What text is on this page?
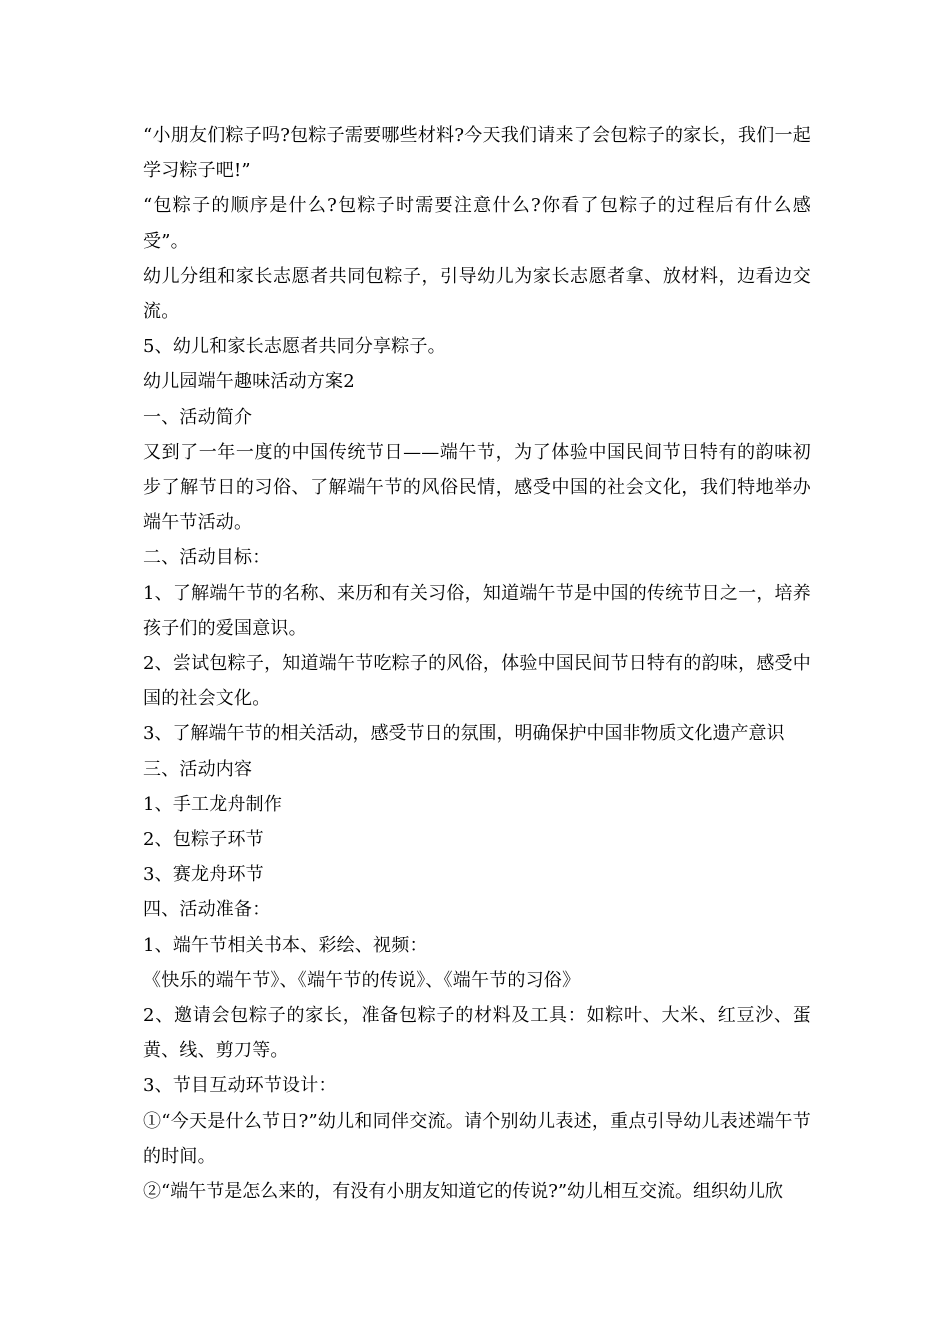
“小朋友们粽子吗?包粽子需要哪些材料?今天我们请来了会包粽子的家长，我们一起学习粽子吧!”

“包粽子的顺序是什么?包粽子时需要注意什么?你看了包粽子的过程后有什么感受”。

幼儿分组和家长志愿者共同包粽子，引导幼儿为家长志愿者拿、放材料，边看边交流。

5、幼儿和家长志愿者共同分享粽子。

幼儿园端午趣味活动方案2

一、活动简介

又到了一年一度的中国传统节日——端午节，为了体验中国民间节日特有的韵味初步了解节日的习俗、了解端午节的风俗民情，感受中国的社会文化，我们特地举办端午节活动。

二、活动目标：

1、了解端午节的名称、来历和有关习俗，知道端午节是中国的传统节日之一，培养孩子们的爱国意识。

2、尝试包粽子，知道端午节吃粽子的风俗，体验中国民间节日特有的韵味，感受中国的社会文化。

3、了解端午节的相关活动，感受节日的氛围，明确保护中国非物质文化遗产意识

三、活动内容

1、手工龙舟制作

2、包粽子环节

3、赛龙舟环节

四、活动准备：

1、端午节相关书本、彩绘、视频：

《快乐的端午节》、《端午节的传说》、《端午节的习俗》

2、邀请会包粽子的家长，准备包粽子的材料及工具：如粽叶、大米、红豆沙、蛋黄、线、剪刀等。

3、节目互动环节设计：

①“今天是什么节日?”幼儿和同伴交流。请个别幼儿表述，重点引导幼儿表述端午节的时间。

②“端午节是怎么来的，有没有小朋友知道它的传说?”幼儿相互交流。组织幼儿欣
